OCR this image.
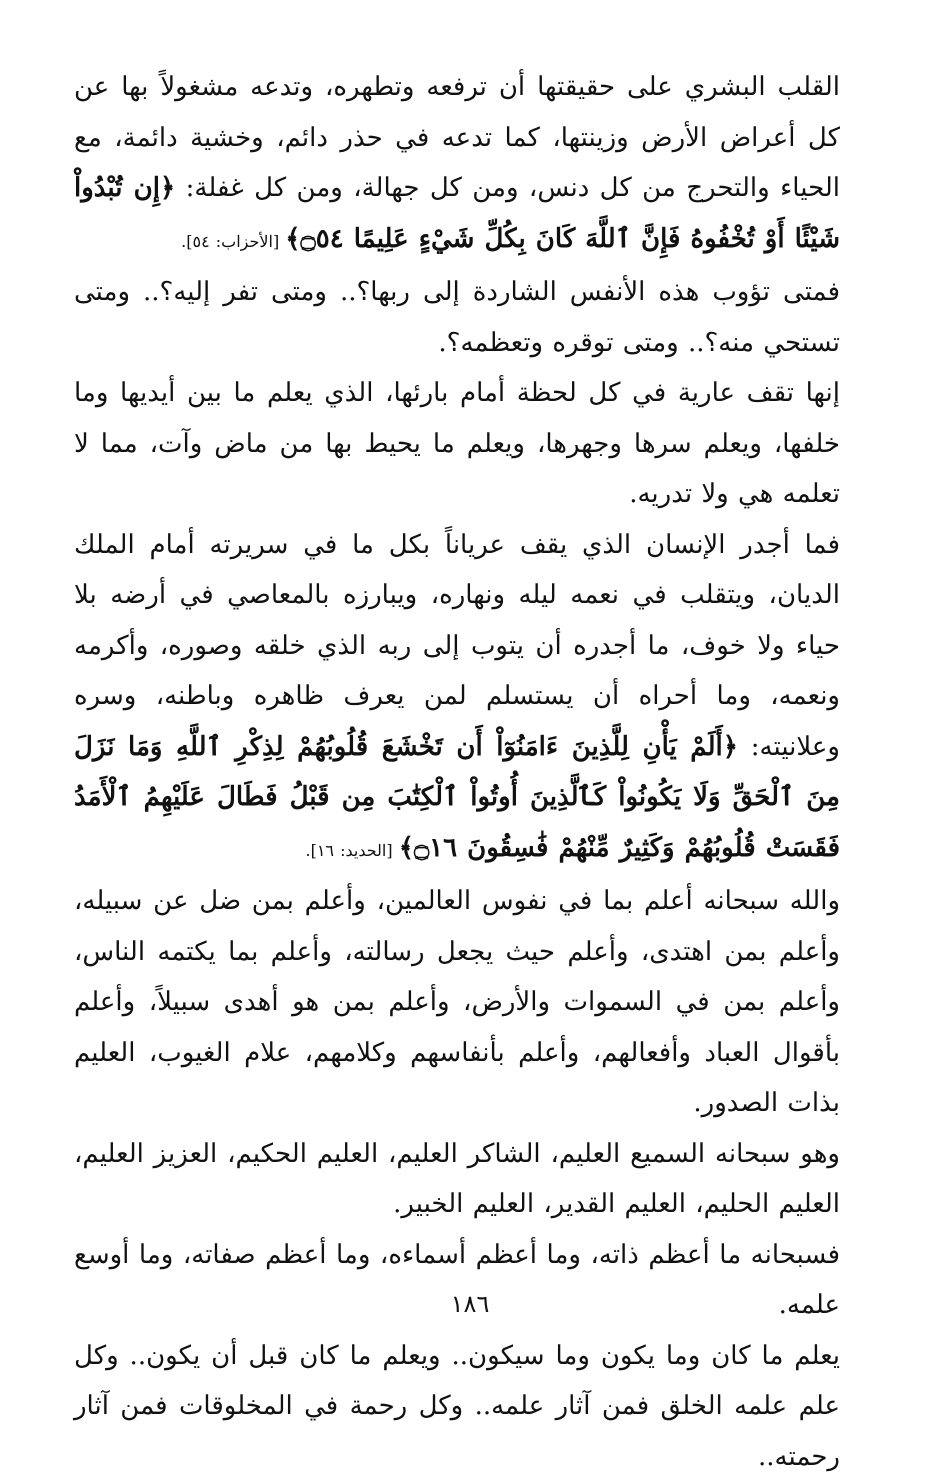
القلب البشري على حقيقتها أن ترفعه وتطهره، وتدعه مشغولاً بها عن كل أعراض الأرض وزينتها، كما تدعه في حذر دائم، وخشية دائمة، مع الحياء والتحرج من كل دنس، ومن كل جهالة، ومن كل غفلة: ﴿إِن تُبْدُواْ شَيْئًا أَوْ تُخْفُوهُ فَإِنَّ ٱللَّهَ كَانَ بِكُلِّ شَيْءٍ عَلِيمًا ۝٥٤﴾ [الأحزاب: ٥٤].

فمتى تؤوب هذه الأنفس الشاردة إلى ربها؟.. ومتى تفر إليه؟.. ومتى تستحي منه؟.. ومتى توقره وتعظمه؟.

إنها تقف عارية في كل لحظة أمام بارئها، الذي يعلم ما بين أيديها وما خلفها، ويعلم سرها وجهرها، ويعلم ما يحيط بها من ماض وآت، مما لا تعلمه هي ولا تدريه.

فما أجدر الإنسان الذي يقف عرياناً بكل ما في سريرته أمام الملك الديان، ويتقلب في نعمه ليله ونهاره، ويبارزه بالمعاصي في أرضه بلا حياء ولا خوف، ما أجدره أن يتوب إلى ربه الذي خلقه وصوره، وأكرمه ونعمه، وما أحراه أن يستسلم لمن يعرف ظاهره وباطنه، وسره وعلانيته: ﴿أَلَمْ يَأْنِ لِلَّذِينَ ءَامَنُوٓاْ أَن تَخْشَعَ قُلُوبُهُمْ لِذِكْرِ ٱللَّهِ وَمَا نَزَلَ مِنَ ٱلْحَقِّ وَلَا يَكُونُواْ كَٱلَّذِينَ أُوتُواْ ٱلْكِتَٰبَ مِن قَبْلُ فَطَالَ عَلَيْهِمُ ٱلْأَمَدُ فَقَسَتْ قُلُوبُهُمْ وَكَثِيرٌ مِّنْهُمْ فَٰسِقُونَ ۝١٦﴾ [الحديد: ١٦].

والله سبحانه أعلم بما في نفوس العالمين، وأعلم بمن ضل عن سبيله، وأعلم بمن اهتدى، وأعلم حيث يجعل رسالته، وأعلم بما يكتمه الناس، وأعلم بمن في السموات والأرض، وأعلم بمن هو أهدى سبيلاً، وأعلم بأقوال العباد وأفعالهم، وأعلم بأنفاسهم وكلامهم، علام الغيوب، العليم بذات الصدور.

وهو سبحانه السميع العليم، الشاكر العليم، العليم الحكيم، العزيز العليم، العليم الحليم، العليم القدير، العليم الخبير.

فسبحانه ما أعظم ذاته، وما أعظم أسماءه، وما أعظم صفاته، وما أوسع علمه.

يعلم ما كان وما يكون وما سيكون.. ويعلم ما كان قبل أن يكون.. وكل علم علمه الخلق فمن آثار علمه.. وكل رحمة في المخلوقات فمن آثار رحمته..

١٨٦
